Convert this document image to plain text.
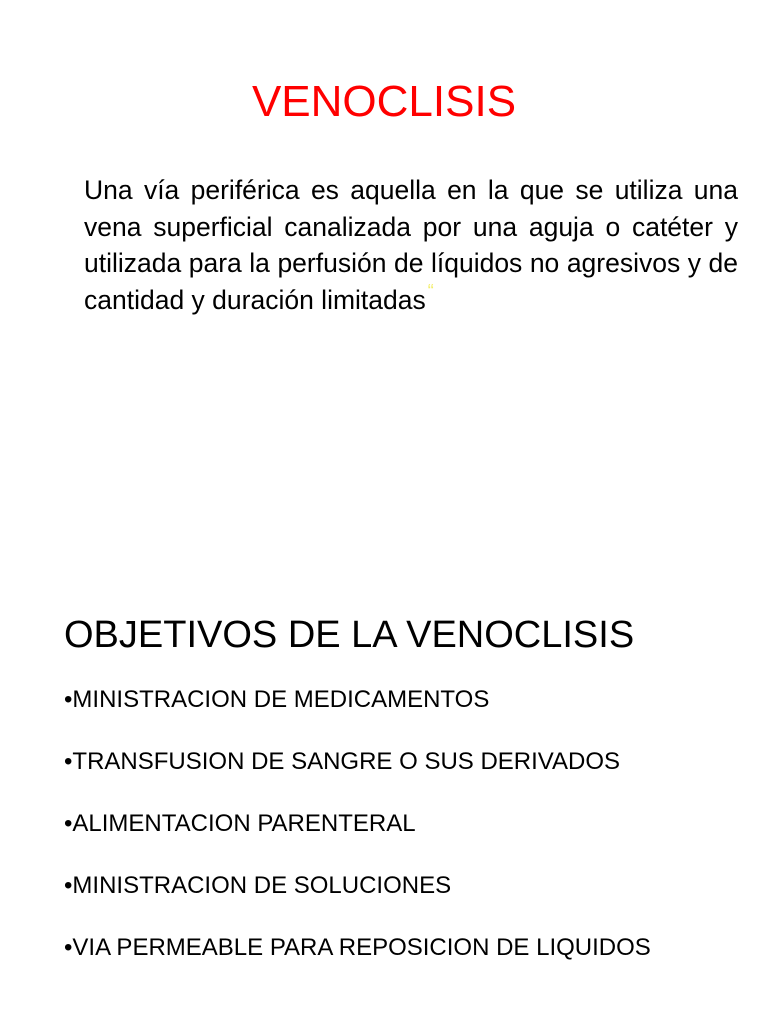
VENOCLISIS

Una vía periférica es aquella en la que se utiliza una vena superficial canalizada por una aguja o catéter y utilizada para la perfusión de líquidos no agresivos y de cantidad y duración limitadas “

OBJETIVOS DE LA VENOCLISIS
•MINISTRACION DE MEDICAMENTOS
•TRANSFUSION DE SANGRE O SUS DERIVADOS
•ALIMENTACION PARENTERAL
•MINISTRACION DE SOLUCIONES
•VIA PERMEABLE PARA REPOSICION DE LIQUIDOS
